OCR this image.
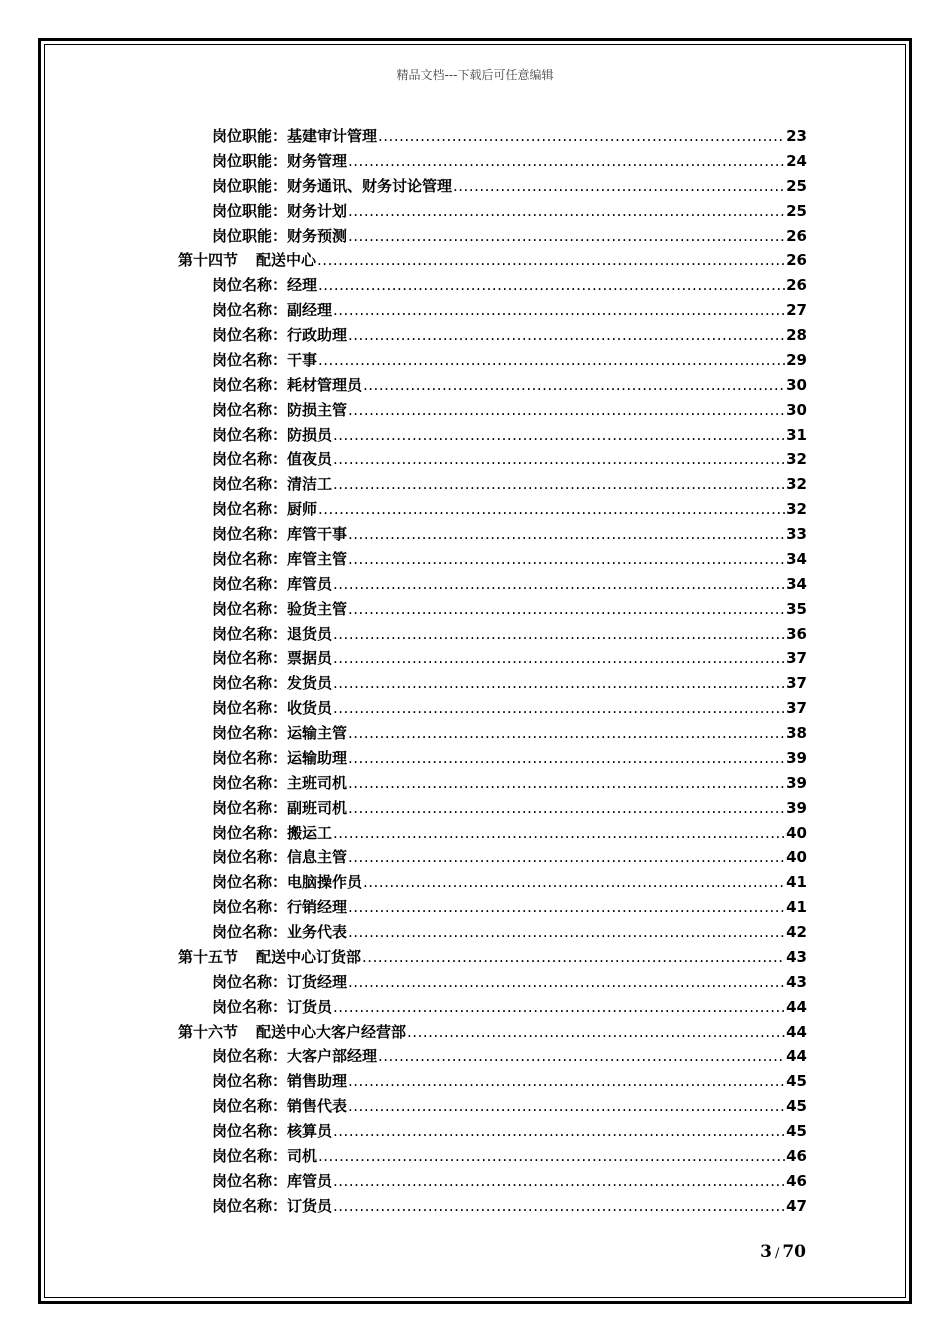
精品文档---下载后可任意编辑
岗位职能：基建审计管理 .....	23
岗位职能：财务管理 .....	24
岗位职能：财务通讯、财务讨论管理 .....	25
岗位职能：财务计划 .....	25
岗位职能：财务预测 .....	26
第十四节 配送中心 .....	26
岗位名称：经理 .....	26
岗位名称：副经理 .....	27
岗位名称：行政助理 .....	28
岗位名称：干事 .....	29
岗位名称：耗材管理员 .....	30
岗位名称：防损主管 .....	30
岗位名称：防损员 .....	31
岗位名称：值夜员 .....	32
岗位名称：清洁工 .....	32
岗位名称：厨师 .....	32
岗位名称：库管干事 .....	33
岗位名称：库管主管 .....	34
岗位名称：库管员 .....	34
岗位名称：验货主管 .....	35
岗位名称：退货员 .....	36
岗位名称：票据员 .....	37
岗位名称：发货员 .....	37
岗位名称：收货员 .....	37
岗位名称：运输主管 .....	38
岗位名称：运输助理 .....	39
岗位名称：主班司机 .....	39
岗位名称：副班司机 .....	39
岗位名称：搬运工 .....	40
岗位名称：信息主管 .....	40
岗位名称：电脑操作员 .....	41
岗位名称：行销经理 .....	41
岗位名称：业务代表 .....	42
第十五节 配送中心订货部 .....	43
岗位名称：订货经理 .....	43
岗位名称：订货员 .....	44
第十六节 配送中心大客户经营部 .....	44
岗位名称：大客户部经理 .....	44
岗位名称：销售助理 .....	45
岗位名称：销售代表 .....	45
岗位名称：核算员 .....	45
岗位名称：司机 .....	46
岗位名称：库管员 .....	46
岗位名称：订货员 .....	47
3 / 70
